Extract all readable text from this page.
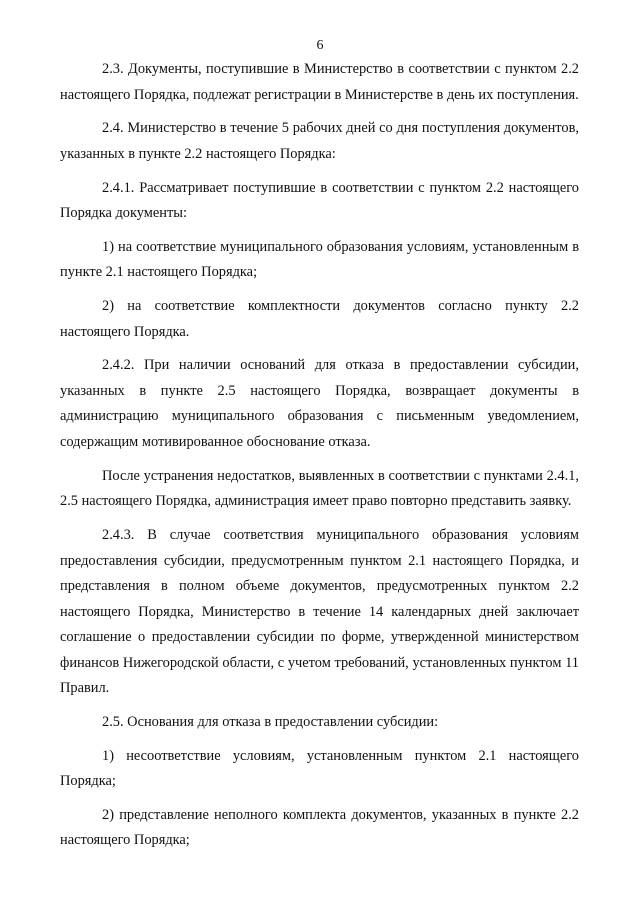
6

2.3. Документы, поступившие в Министерство в соответствии с пунктом 2.2 настоящего Порядка, подлежат регистрации в Министерстве в день их поступления.

2.4. Министерство в течение 5 рабочих дней со дня поступления документов, указанных в пункте 2.2 настоящего Порядка:

2.4.1. Рассматривает поступившие в соответствии с пунктом 2.2 настоящего Порядка документы:

1) на соответствие муниципального образования условиям, установленным в пункте 2.1 настоящего Порядка;

2) на соответствие комплектности документов согласно пункту 2.2 настоящего Порядка.

2.4.2. При наличии оснований для отказа в предоставлении субсидии, указанных в пункте 2.5 настоящего Порядка, возвращает документы в администрацию муниципального образования с письменным уведомлением, содержащим мотивированное обоснование отказа.

После устранения недостатков, выявленных в соответствии с пунктами 2.4.1, 2.5 настоящего Порядка, администрация имеет право повторно представить заявку.

2.4.3. В случае соответствия муниципального образования условиям предоставления субсидии, предусмотренным пунктом 2.1 настоящего Порядка, и представления в полном объеме документов, предусмотренных пунктом 2.2 настоящего Порядка, Министерство в течение 14 календарных дней заключает соглашение о предоставлении субсидии по форме, утвержденной министерством финансов Нижегородской области, с учетом требований, установленных пунктом 11 Правил.

2.5. Основания для отказа в предоставлении субсидии:

1) несоответствие условиям, установленным пунктом 2.1 настоящего Порядка;

2) представление неполного комплекта документов, указанных в пункте 2.2 настоящего Порядка;
